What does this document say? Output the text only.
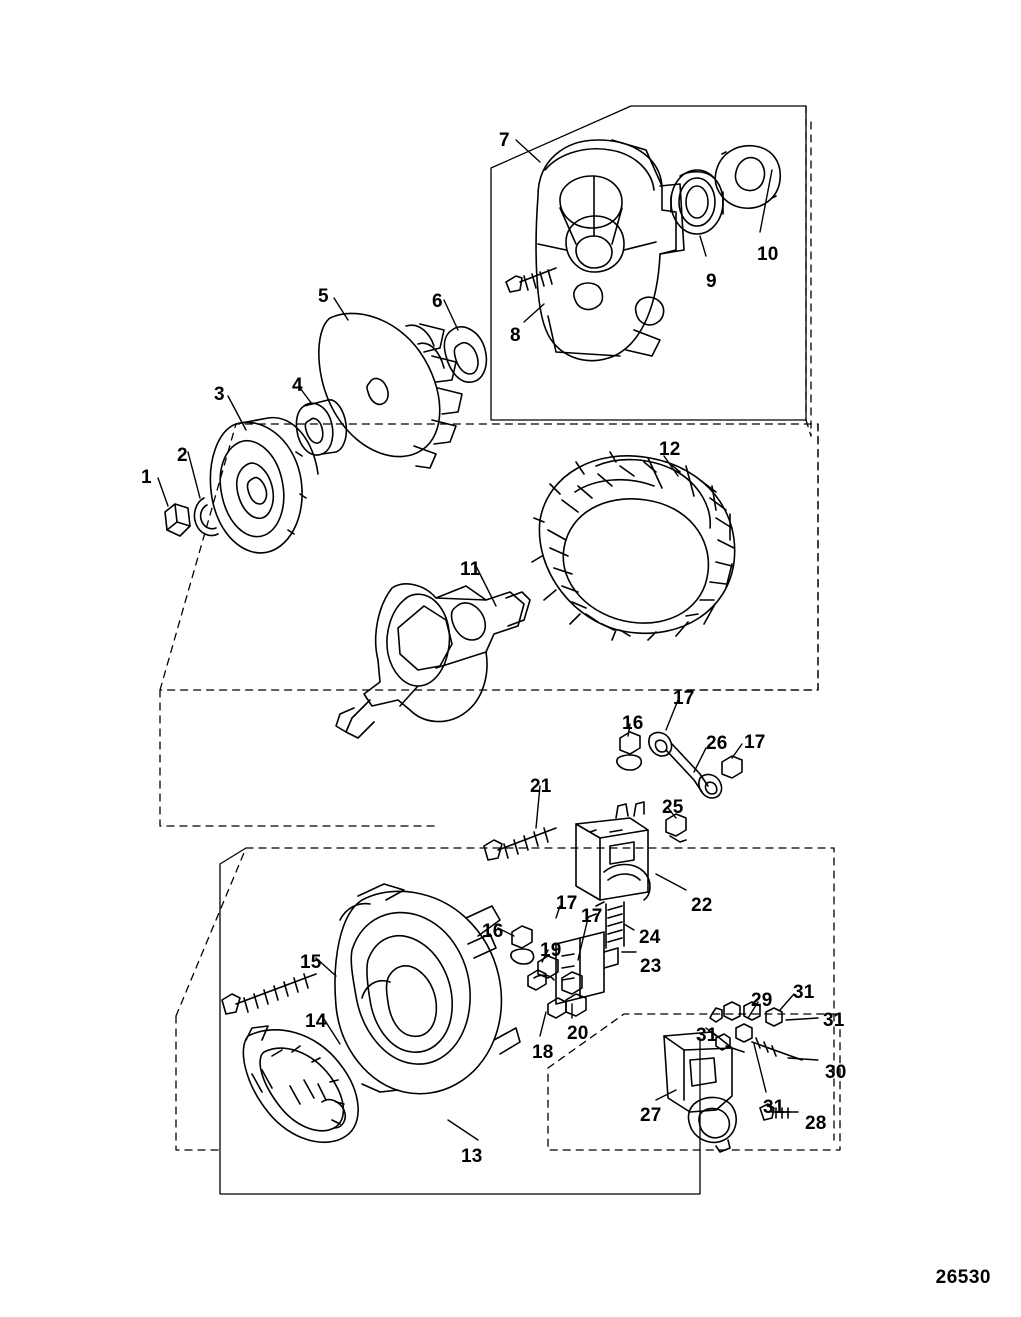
1
2
3	4
5	6
7
8
9
10
11
12
13
14
15
16
16
17
17
17
17
18
19
20
21
22
23
24
25
26
27	28
29
30
31
31
31
31
26530
